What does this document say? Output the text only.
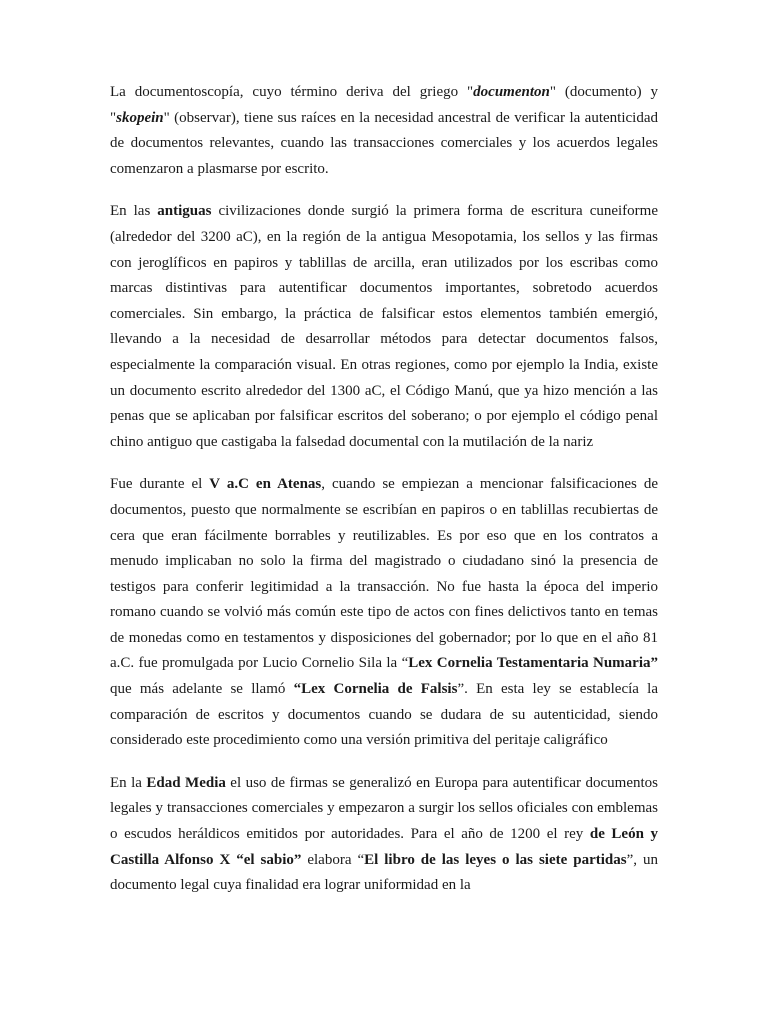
La documentoscopía, cuyo término deriva del griego "documenton" (documento) y "skopein" (observar), tiene sus raíces en la necesidad ancestral de verificar la autenticidad de documentos relevantes, cuando las transacciones comerciales y los acuerdos legales comenzaron a plasmarse por escrito.

En las antiguas civilizaciones donde surgió la primera forma de escritura cuneiforme (alrededor del 3200 aC), en la región de la antigua Mesopotamia, los sellos y las firmas con jeroglíficos en papiros y tablillas de arcilla, eran utilizados por los escribas como marcas distintivas para autentificar documentos importantes, sobretodo acuerdos comerciales. Sin embargo, la práctica de falsificar estos elementos también emergió, llevando a la necesidad de desarrollar métodos para detectar documentos falsos, especialmente la comparación visual. En otras regiones, como por ejemplo la India, existe un documento escrito alrededor del 1300 aC, el Código Manú, que ya hizo mención a las penas que se aplicaban por falsificar escritos del soberano; o por ejemplo el código penal chino antiguo que castigaba la falsedad documental con la mutilación de la nariz

Fue durante el V a.C en Atenas, cuando se empiezan a mencionar falsificaciones de documentos, puesto que normalmente se escribían en papiros o en tablillas recubiertas de cera que eran fácilmente borrables y reutilizables. Es por eso que en los contratos a menudo implicaban no solo la firma del magistrado o ciudadano sinó la presencia de testigos para conferir legitimidad a la transacción. No fue hasta la época del imperio romano cuando se volvió más común este tipo de actos con fines delictivos tanto en temas de monedas como en testamentos y disposiciones del gobernador; por lo que en el año 81 a.C. fue promulgada por Lucio Cornelio Sila la “Lex Cornelia Testamentaria Numaria” que más adelante se llamó “Lex Cornelia de Falsis”. En esta ley se establecía la comparación de escritos y documentos cuando se dudara de su autenticidad, siendo considerado este procedimiento como una versión primitiva del peritaje caligráfico

En la Edad Media el uso de firmas se generalizó en Europa para autentificar documentos legales y transacciones comerciales y empezaron a surgir los sellos oficiales con emblemas o escudos heráldicos emitidos por autoridades. Para el año de 1200 el rey de León y Castilla Alfonso X “el sabio” elabora “El libro de las leyes o las siete partidas”, un documento legal cuya finalidad era lograr uniformidad en la
